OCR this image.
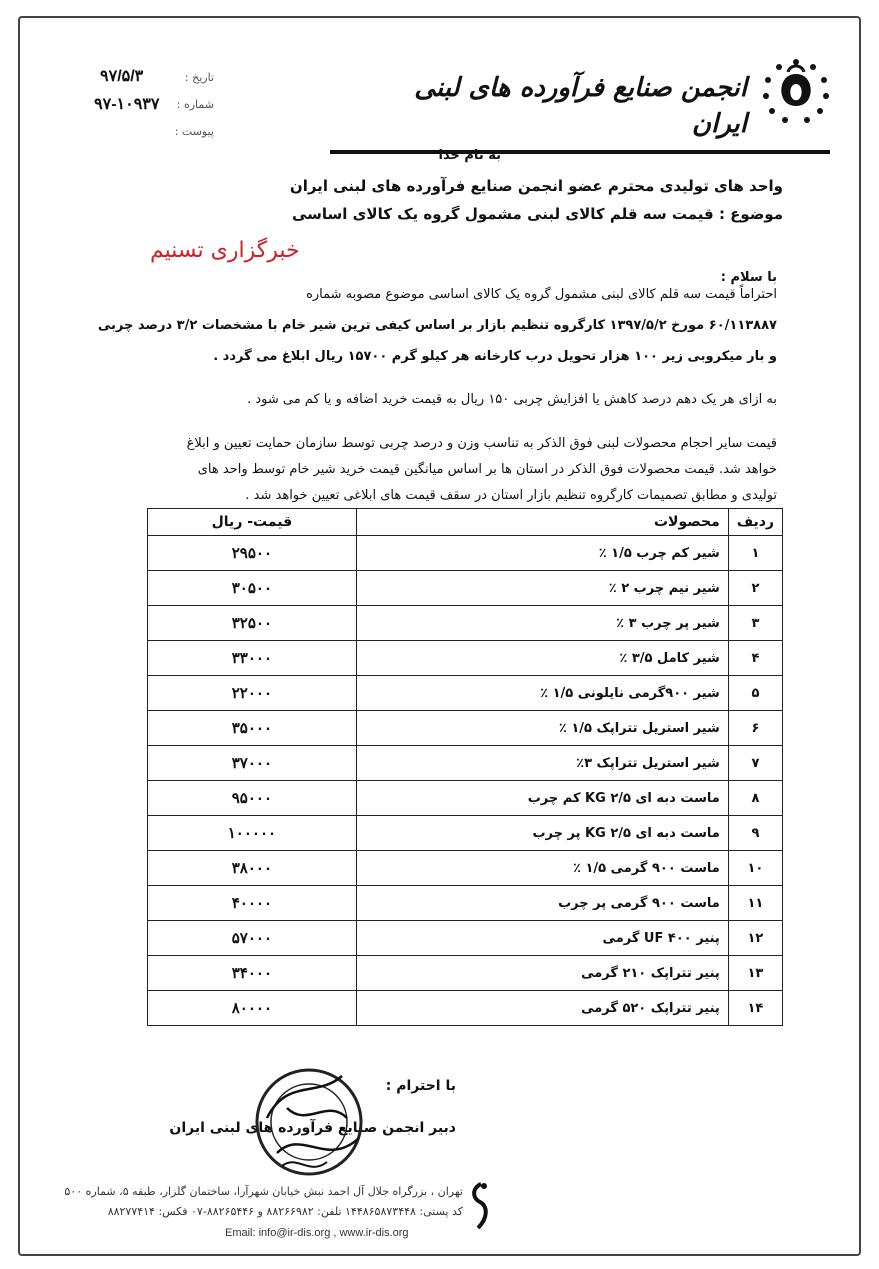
انجمن صنایع فرآورده های لبنی ایران
تاریخ :
۹۷/۵/۳
شماره :
۹۷-۱۰۹۳۷
پیوست :
به نام خدا
واحد های تولیدی محترم عضو انجمن صنایع فرآورده های لبنی ایران
موضوع : قیمت سه قلم کالای لبنی مشمول گروه یک کالای اساسی
خبرگزاری تسنیم
با سلام :
احتراماً قیمت سه قلم کالای لبنی مشمول گروه یک کالای اساسی موضوع مصوبه شماره
۶۰/۱۱۳۸۸۷ مورخ ۱۳۹۷/۵/۲ کارگروه تنظیم بازار بر اساس کیفی ترین شیر خام با مشخصات ۳/۲ درصد چربی
و بار میکروبی زیر ۱۰۰ هزار تحویل درب کارخانه هر کیلو گرم ۱۵۷۰۰ ریال ابلاغ می گردد .
به ازای هر یک دهم درصد کاهش یا افزایش چربی ۱۵۰ ریال به قیمت خرید اضافه و یا کم می شود .
قیمت سایر احجام محصولات لبنی فوق الذکر به تناسب وزن و درصد چربی توسط سازمان حمایت تعیین و ابلاغ
خواهد شد. قیمت محصولات فوق الذکر در استان ها بر اساس میانگین قیمت خرید شیر خام توسط واحد های
تولیدی و مطابق تصمیمات کارگروه تنظیم بازار استان در سقف قیمت های ابلاغی تعیین خواهد شد .
ردیف	محصولات	قیمت- ریال
۱	شیر کم چرب ۱/۵ ٪	۲۹۵۰۰
۲	شیر نیم چرب ۲ ٪	۳۰۵۰۰
۳	شیر پر چرب ۳ ٪	۳۲۵۰۰
۴	شیر کامل ۳/۵ ٪	۳۳۰۰۰
۵	شیر ۹۰۰گرمی نایلونی ۱/۵ ٪	۲۲۰۰۰
۶	شیر استریل تتراپک ۱/۵ ٪	۳۵۰۰۰
۷	شیر استریل تتراپک ۳٪	۳۷۰۰۰
۸	ماست دبه ای ۲/۵ KG کم چرب	۹۵۰۰۰
۹	ماست دبه ای ۲/۵ KG پر چرب	۱۰۰۰۰۰
۱۰	ماست ۹۰۰ گرمی ۱/۵ ٪	۳۸۰۰۰
۱۱	ماست ۹۰۰ گرمی پر چرب	۴۰۰۰۰
۱۲	پنیر UF ۴۰۰ گرمی	۵۷۰۰۰
۱۳	پنیر تتراپک ۲۱۰ گرمی	۳۴۰۰۰
۱۴	پنیر تتراپک ۵۲۰ گرمی	۸۰۰۰۰
با احترام :
دبیر انجمن صنایع فرآورده های لبنی ایران
تهران ، بزرگراه جلال آل احمد نبش خیابان شهرآرا، ساختمان گلزار، طبقه ۵، شماره ۵۰۰
کد پستی: ۱۴۴۸۶۵۸۷۳۴۴۸ تلفن: ۸۸۲۶۶۹۸۲ و ۸۸۲۶۵۴۴۶-۰۷ فکس: ۸۸۲۷۷۴۱۴
Email: info@ir-dis.org , www.ir-dis.org
